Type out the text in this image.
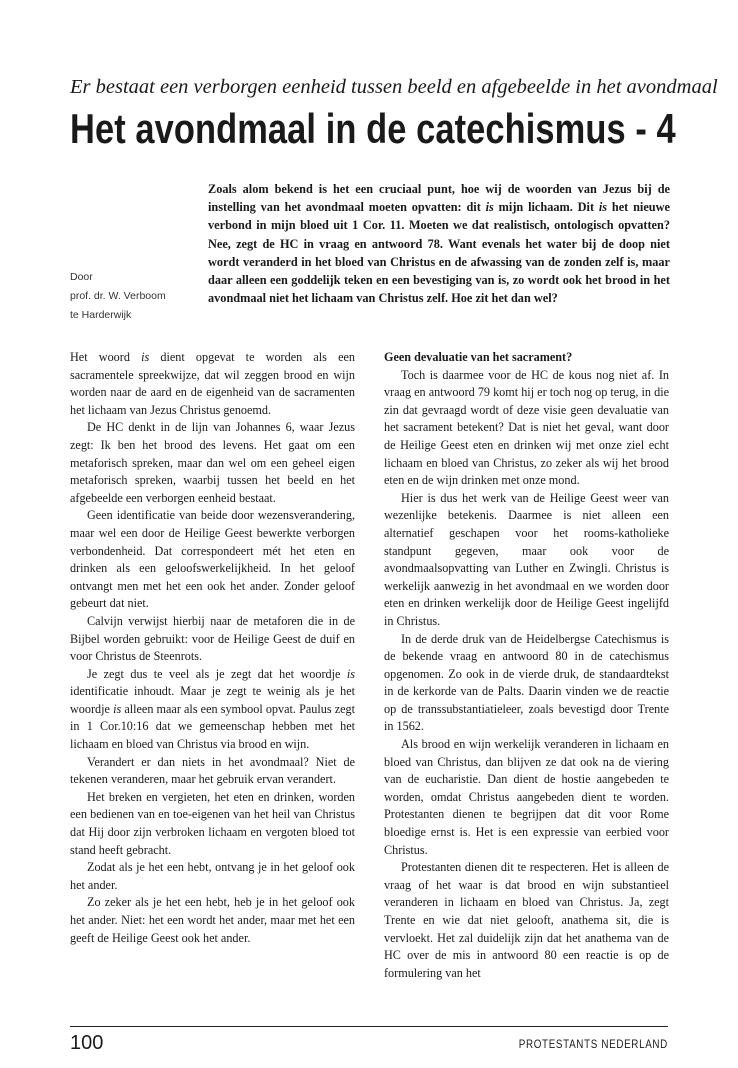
Er bestaat een verborgen eenheid tussen beeld en afgebeelde in het avondmaal
Het avondmaal in de catechismus - 4
Door
prof. dr. W. Verboom
te Harderwijk

Zoals alom bekend is het een cruciaal punt, hoe wij de woorden van Jezus bij de instelling van het avondmaal moeten opvatten: dit is mijn lichaam. Dit is het nieuwe verbond in mijn bloed uit 1 Cor. 11. Moeten we dat realistisch, ontologisch opvatten? Nee, zegt de HC in vraag en antwoord 78. Want evenals het water bij de doop niet wordt veranderd in het bloed van Christus en de afwassing van de zonden zelf is, maar daar alleen een goddelijk teken en een bevestiging van is, zo wordt ook het brood in het avondmaal niet het lichaam van Christus zelf. Hoe zit het dan wel?

Het woord is dient opgevat te worden als een sacramentele spreekwijze, dat wil zeggen brood en wijn worden naar de aard en de eigenheid van de sacramenten het lichaam van Jezus Christus genoemd.

De HC denkt in de lijn van Johannes 6, waar Jezus zegt: Ik ben het brood des levens. Het gaat om een metaforisch spreken, maar dan wel om een geheel eigen metaforisch spreken, waarbij tussen het beeld en het afgebeelde een verborgen eenheid bestaat.

Geen identificatie van beide door wezensverandering, maar wel een door de Heilige Geest bewerkte verborgen verbondenheid. Dat correspondeert mét het eten en drinken als een geloofswerkelijkheid. In het geloof ontvangt men met het een ook het ander. Zonder geloof gebeurt dat niet.

Calvijn verwijst hierbij naar de metaforen die in de Bijbel worden gebruikt: voor de Heilige Geest de duif en voor Christus de Steenrots.

Je zegt dus te veel als je zegt dat het woordje is identificatie inhoudt. Maar je zegt te weinig als je het woordje is alleen maar als een symbool opvat. Paulus zegt in 1 Cor.10:16 dat we gemeenschap hebben met het lichaam en bloed van Christus via brood en wijn.

Verandert er dan niets in het avondmaal? Niet de tekenen veranderen, maar het gebruik ervan verandert.

Het breken en vergieten, het eten en drinken, worden een bedienen van en toe-eigenen van het heil van Christus dat Hij door zijn verbroken lichaam en vergoten bloed tot stand heeft gebracht.

Zodat als je het een hebt, ontvang je in het geloof ook het ander.

Zo zeker als je het een hebt, heb je in het geloof ook het ander. Niet: het een wordt het ander, maar met het een geeft de Heilige Geest ook het ander.

Geen devaluatie van het sacrament?

Toch is daarmee voor de HC de kous nog niet af. In vraag en antwoord 79 komt hij er toch nog op terug, in die zin dat gevraagd wordt of deze visie geen devaluatie van het sacrament betekent? Dat is niet het geval, want door de Heilige Geest eten en drinken wij met onze ziel echt lichaam en bloed van Christus, zo zeker als wij het brood eten en de wijn drinken met onze mond.

Hier is dus het werk van de Heilige Geest weer van wezenlijke betekenis. Daarmee is niet alleen een alternatief geschapen voor het rooms-katholieke standpunt gegeven, maar ook voor de avondmaalsopvatting van Luther en Zwingli. Christus is werkelijk aanwezig in het avondmaal en we worden door eten en drinken werkelijk door de Heilige Geest ingelijfd in Christus.

In de derde druk van de Heidelbergse Catechismus is de bekende vraag en antwoord 80 in de catechismus opgenomen. Zo ook in de vierde druk, de standaardtekst in de kerkorde van de Palts. Daarin vinden we de reactie op de transsubstantiatieleer, zoals bevestigd door Trente in 1562.

Als brood en wijn werkelijk veranderen in lichaam en bloed van Christus, dan blijven ze dat ook na de viering van de eucharistie. Dan dient de hostie aangebeden te worden, omdat Christus aangebeden dient te worden. Protestanten dienen te begrijpen dat dit voor Rome bloedige ernst is. Het is een expressie van eerbied voor Christus.

Protestanten dienen dit te respecteren. Het is alleen de vraag of het waar is dat brood en wijn substantieel veranderen in lichaam en bloed van Christus. Ja, zegt Trente en wie dat niet gelooft, anathema sit, die is vervloekt. Het zal duidelijk zijn dat het anathema van de HC over de mis in antwoord 80 een reactie is op de formulering van het

100	PROTESTANTS NEDERLAND
